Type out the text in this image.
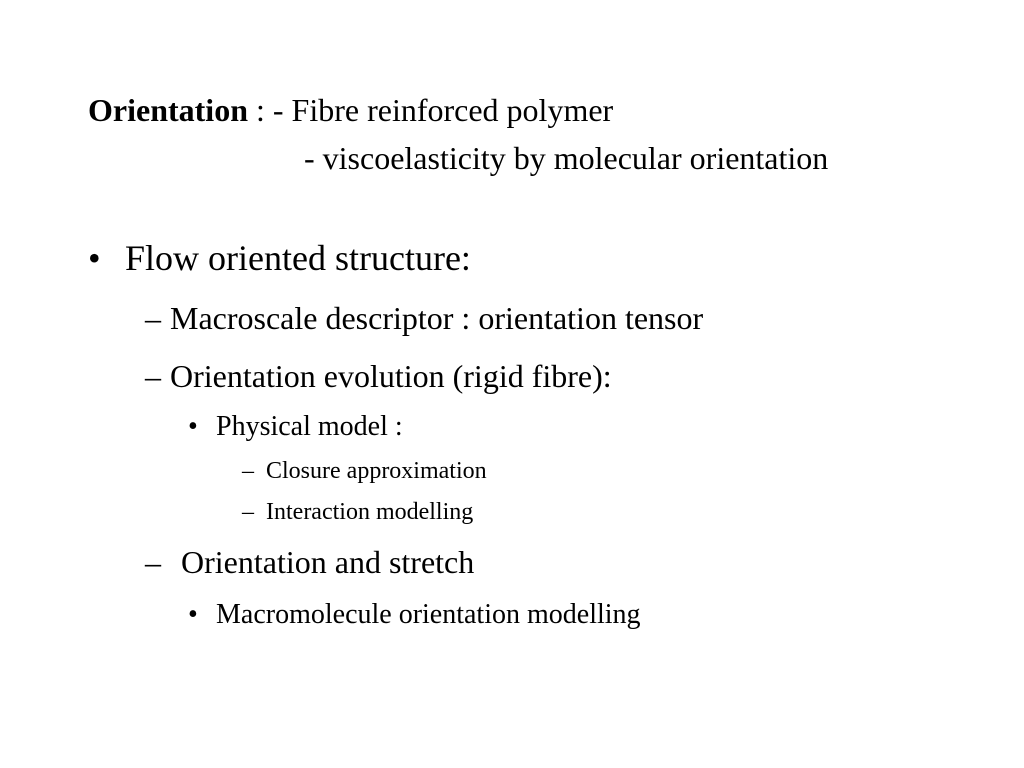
Orientation : - Fibre reinforced polymer
- viscoelasticity by molecular orientation
• Flow oriented structure:
– Macroscale descriptor : orientation tensor
– Orientation evolution (rigid fibre):
• Physical model :
– Closure approximation
– Interaction modelling
– Orientation and stretch
• Macromolecule orientation modelling
